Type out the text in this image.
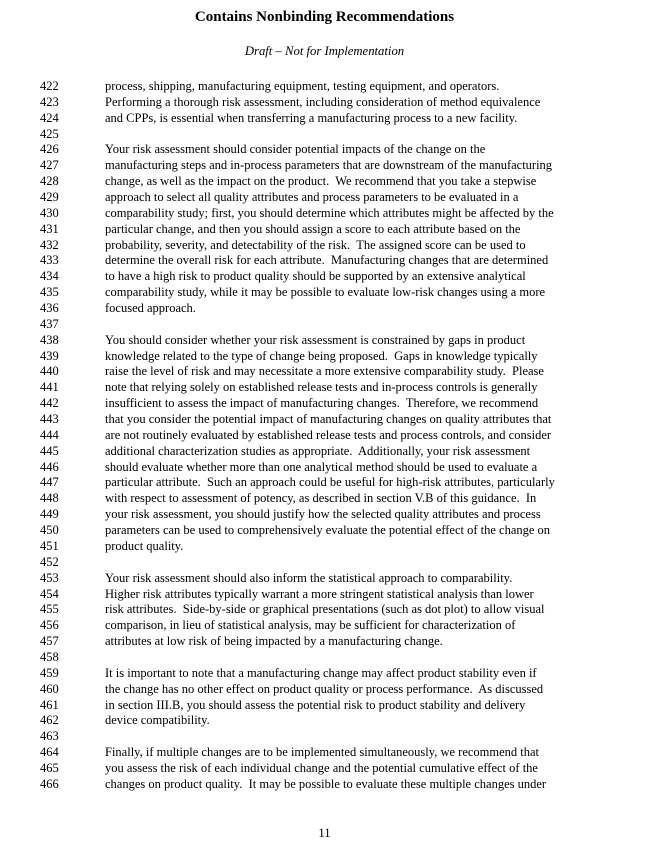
Contains Nonbinding Recommendations
Draft – Not for Implementation
422	process, shipping, manufacturing equipment, testing equipment, and operators.
423	Performing a thorough risk assessment, including consideration of method equivalence
424	and CPPs, is essential when transferring a manufacturing process to a new facility.
425
426	Your risk assessment should consider potential impacts of the change on the
427	manufacturing steps and in-process parameters that are downstream of the manufacturing
428	change, as well as the impact on the product.  We recommend that you take a stepwise
429	approach to select all quality attributes and process parameters to be evaluated in a
430	comparability study; first, you should determine which attributes might be affected by the
431	particular change, and then you should assign a score to each attribute based on the
432	probability, severity, and detectability of the risk.  The assigned score can be used to
433	determine the overall risk for each attribute.  Manufacturing changes that are determined
434	to have a high risk to product quality should be supported by an extensive analytical
435	comparability study, while it may be possible to evaluate low-risk changes using a more
436	focused approach.
437
438	You should consider whether your risk assessment is constrained by gaps in product
439	knowledge related to the type of change being proposed.  Gaps in knowledge typically
440	raise the level of risk and may necessitate a more extensive comparability study.  Please
441	note that relying solely on established release tests and in-process controls is generally
442	insufficient to assess the impact of manufacturing changes.  Therefore, we recommend
443	that you consider the potential impact of manufacturing changes on quality attributes that
444	are not routinely evaluated by established release tests and process controls, and consider
445	additional characterization studies as appropriate.  Additionally, your risk assessment
446	should evaluate whether more than one analytical method should be used to evaluate a
447	particular attribute.  Such an approach could be useful for high-risk attributes, particularly
448	with respect to assessment of potency, as described in section V.B of this guidance.  In
449	your risk assessment, you should justify how the selected quality attributes and process
450	parameters can be used to comprehensively evaluate the potential effect of the change on
451	product quality.
452
453	Your risk assessment should also inform the statistical approach to comparability.
454	Higher risk attributes typically warrant a more stringent statistical analysis than lower
455	risk attributes.  Side-by-side or graphical presentations (such as dot plot) to allow visual
456	comparison, in lieu of statistical analysis, may be sufficient for characterization of
457	attributes at low risk of being impacted by a manufacturing change.
458
459	It is important to note that a manufacturing change may affect product stability even if
460	the change has no other effect on product quality or process performance.  As discussed
461	in section III.B, you should assess the potential risk to product stability and delivery
462	device compatibility.
463
464	Finally, if multiple changes are to be implemented simultaneously, we recommend that
465	you assess the risk of each individual change and the potential cumulative effect of the
466	changes on product quality.  It may be possible to evaluate these multiple changes under
11
